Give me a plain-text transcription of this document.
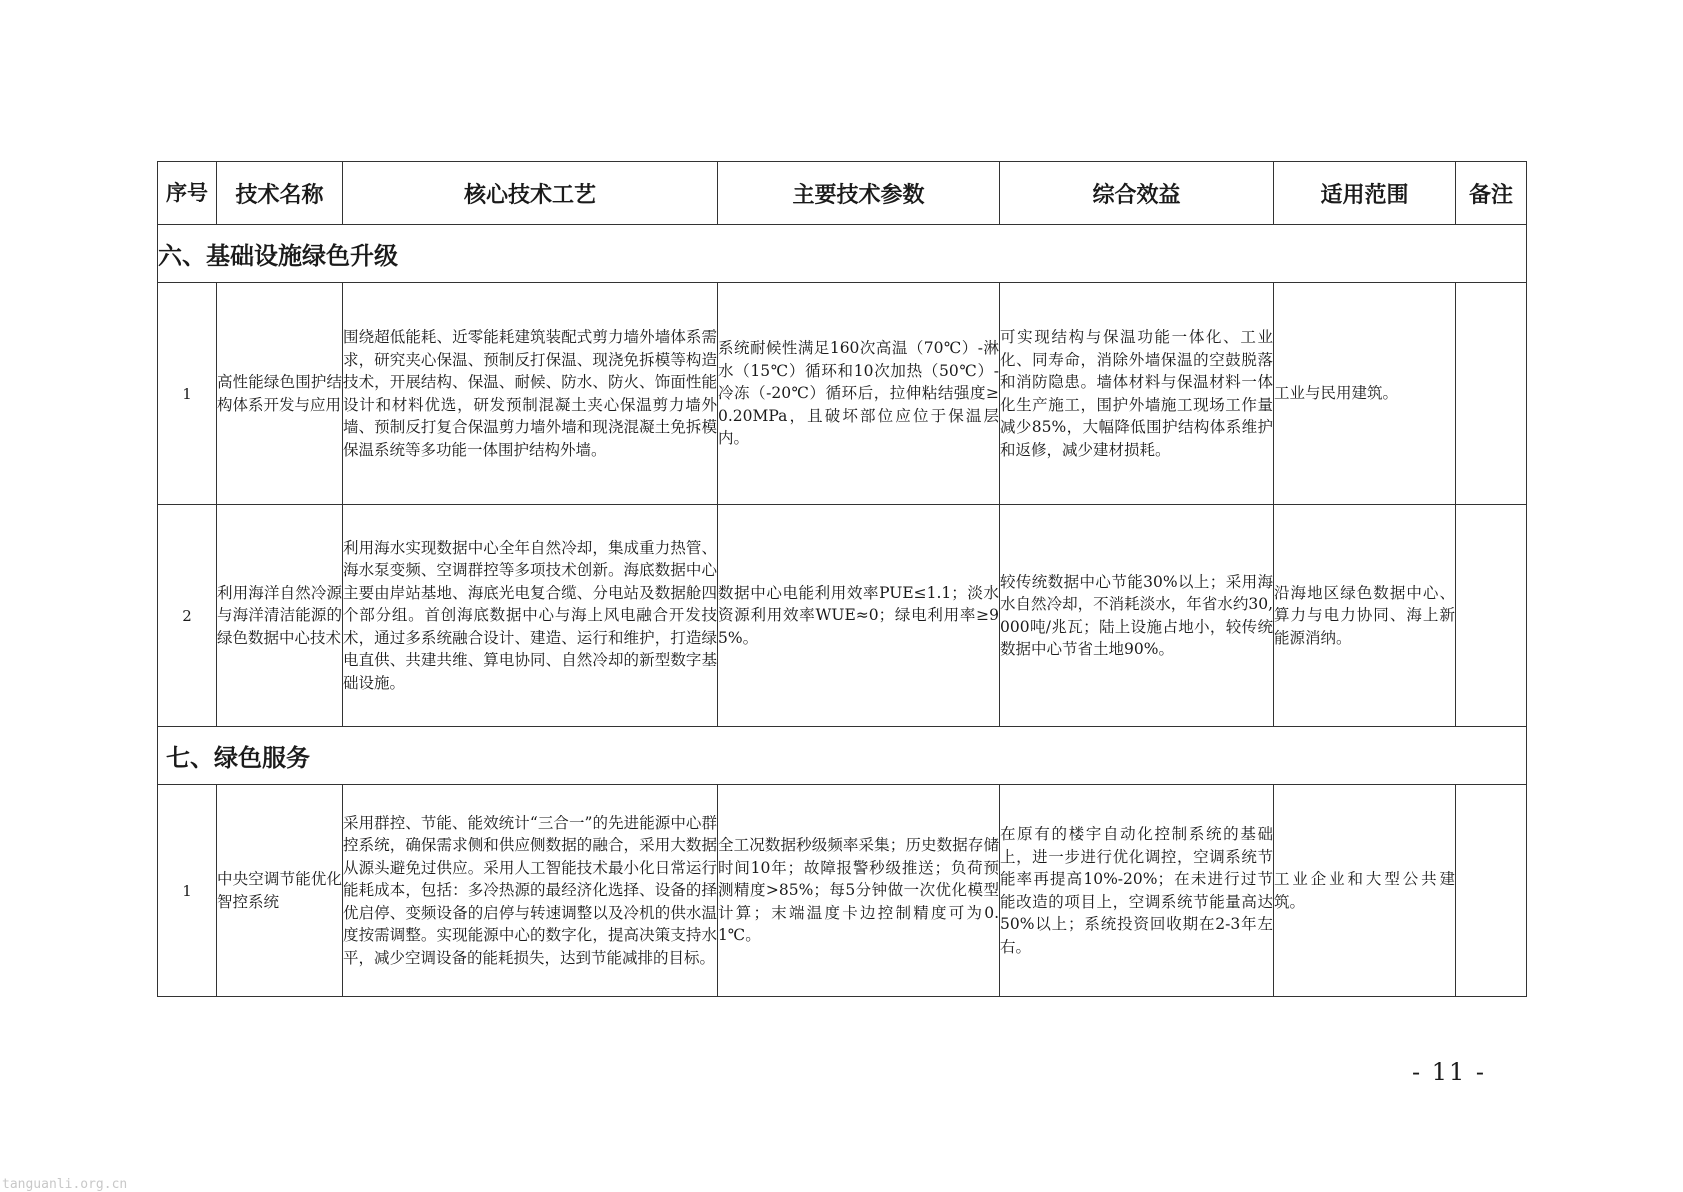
序号	技术名称	核心技术工艺	主要技术参数	综合效益	适用范围	备注
六、基础设施绿色升级						
1	高性能绿色围护结构体系开发与应用	围绕超低能耗、近零能耗建筑装配式剪力墙外墙体系需求，研究夹心保温、预制反打保温、现浇免拆模等构造技术，开展结构、保温、耐候、防水、防火、饰面性能设计和材料优选，研发预制混凝土夹心保温剪力墙外墙、预制反打复合保温剪力墙外墙和现浇混凝土免拆模保温系统等多功能一体围护结构外墙。	系统耐候性满足160次高温（70℃）-淋水（15℃）循环和10次加热（50℃）-冷冻（-20℃）循环后，拉伸粘结强度≥0.20MPa，且破坏部位应位于保温层内。	可实现结构与保温功能一体化、工业化、同寿命，消除外墙保温的空鼓脱落和消防隐患。墙体材料与保温材料一体化生产施工，围护外墙施工现场工作量减少85%，大幅降低围护结构体系维护和返修，减少建材损耗。	工业与民用建筑。	
2	利用海洋自然冷源与海洋清洁能源的绿色数据中心技术	利用海水实现数据中心全年自然冷却，集成重力热管、海水泵变频、空调群控等多项技术创新。海底数据中心主要由岸站基地、海底光电复合缆、分电站及数据舱四个部分组。首创海底数据中心与海上风电融合开发技术，通过多系统融合设计、建造、运行和维护，打造绿电直供、共建共维、算电协同、自然冷却的新型数字基础设施。	数据中心电能利用效率PUE≤1.1；淡水资源利用效率WUE≈0；绿电利用率≥95%。	较传统数据中心节能30%以上；采用海水自然冷却，不消耗淡水，年省水约30,000吨/兆瓦；陆上设施占地小，较传统数据中心节省土地90%。	沿海地区绿色数据中心、算力与电力协同、海上新能源消纳。	
七、绿色服务						
1	中央空调节能优化智控系统	采用群控、节能、能效统计“三合一”的先进能源中心群控系统，确保需求侧和供应侧数据的融合，采用大数据从源头避免过供应。采用人工智能技术最小化日常运行能耗成本，包括：多冷热源的最经济化选择、设备的择优启停、变频设备的启停与转速调整以及冷机的供水温度按需调整。实现能源中心的数字化，提高决策支持水平，减少空调设备的能耗损失，达到节能减排的目标。	全工况数据秒级频率采集；历史数据存储时间10年；故障报警秒级推送；负荷预测精度>85%；每5分钟做一次优化模型计算；末端温度卡边控制精度可为0.1℃。	在原有的楼宇自动化控制系统的基础上，进一步进行优化调控，空调系统节能率再提高10%-20%；在未进行过节能改造的项目上，空调系统节能量高达50%以上；系统投资回收期在2-3年左右。	工业企业和大型公共建筑。	
- 11 -
tanguanli.org.cn
